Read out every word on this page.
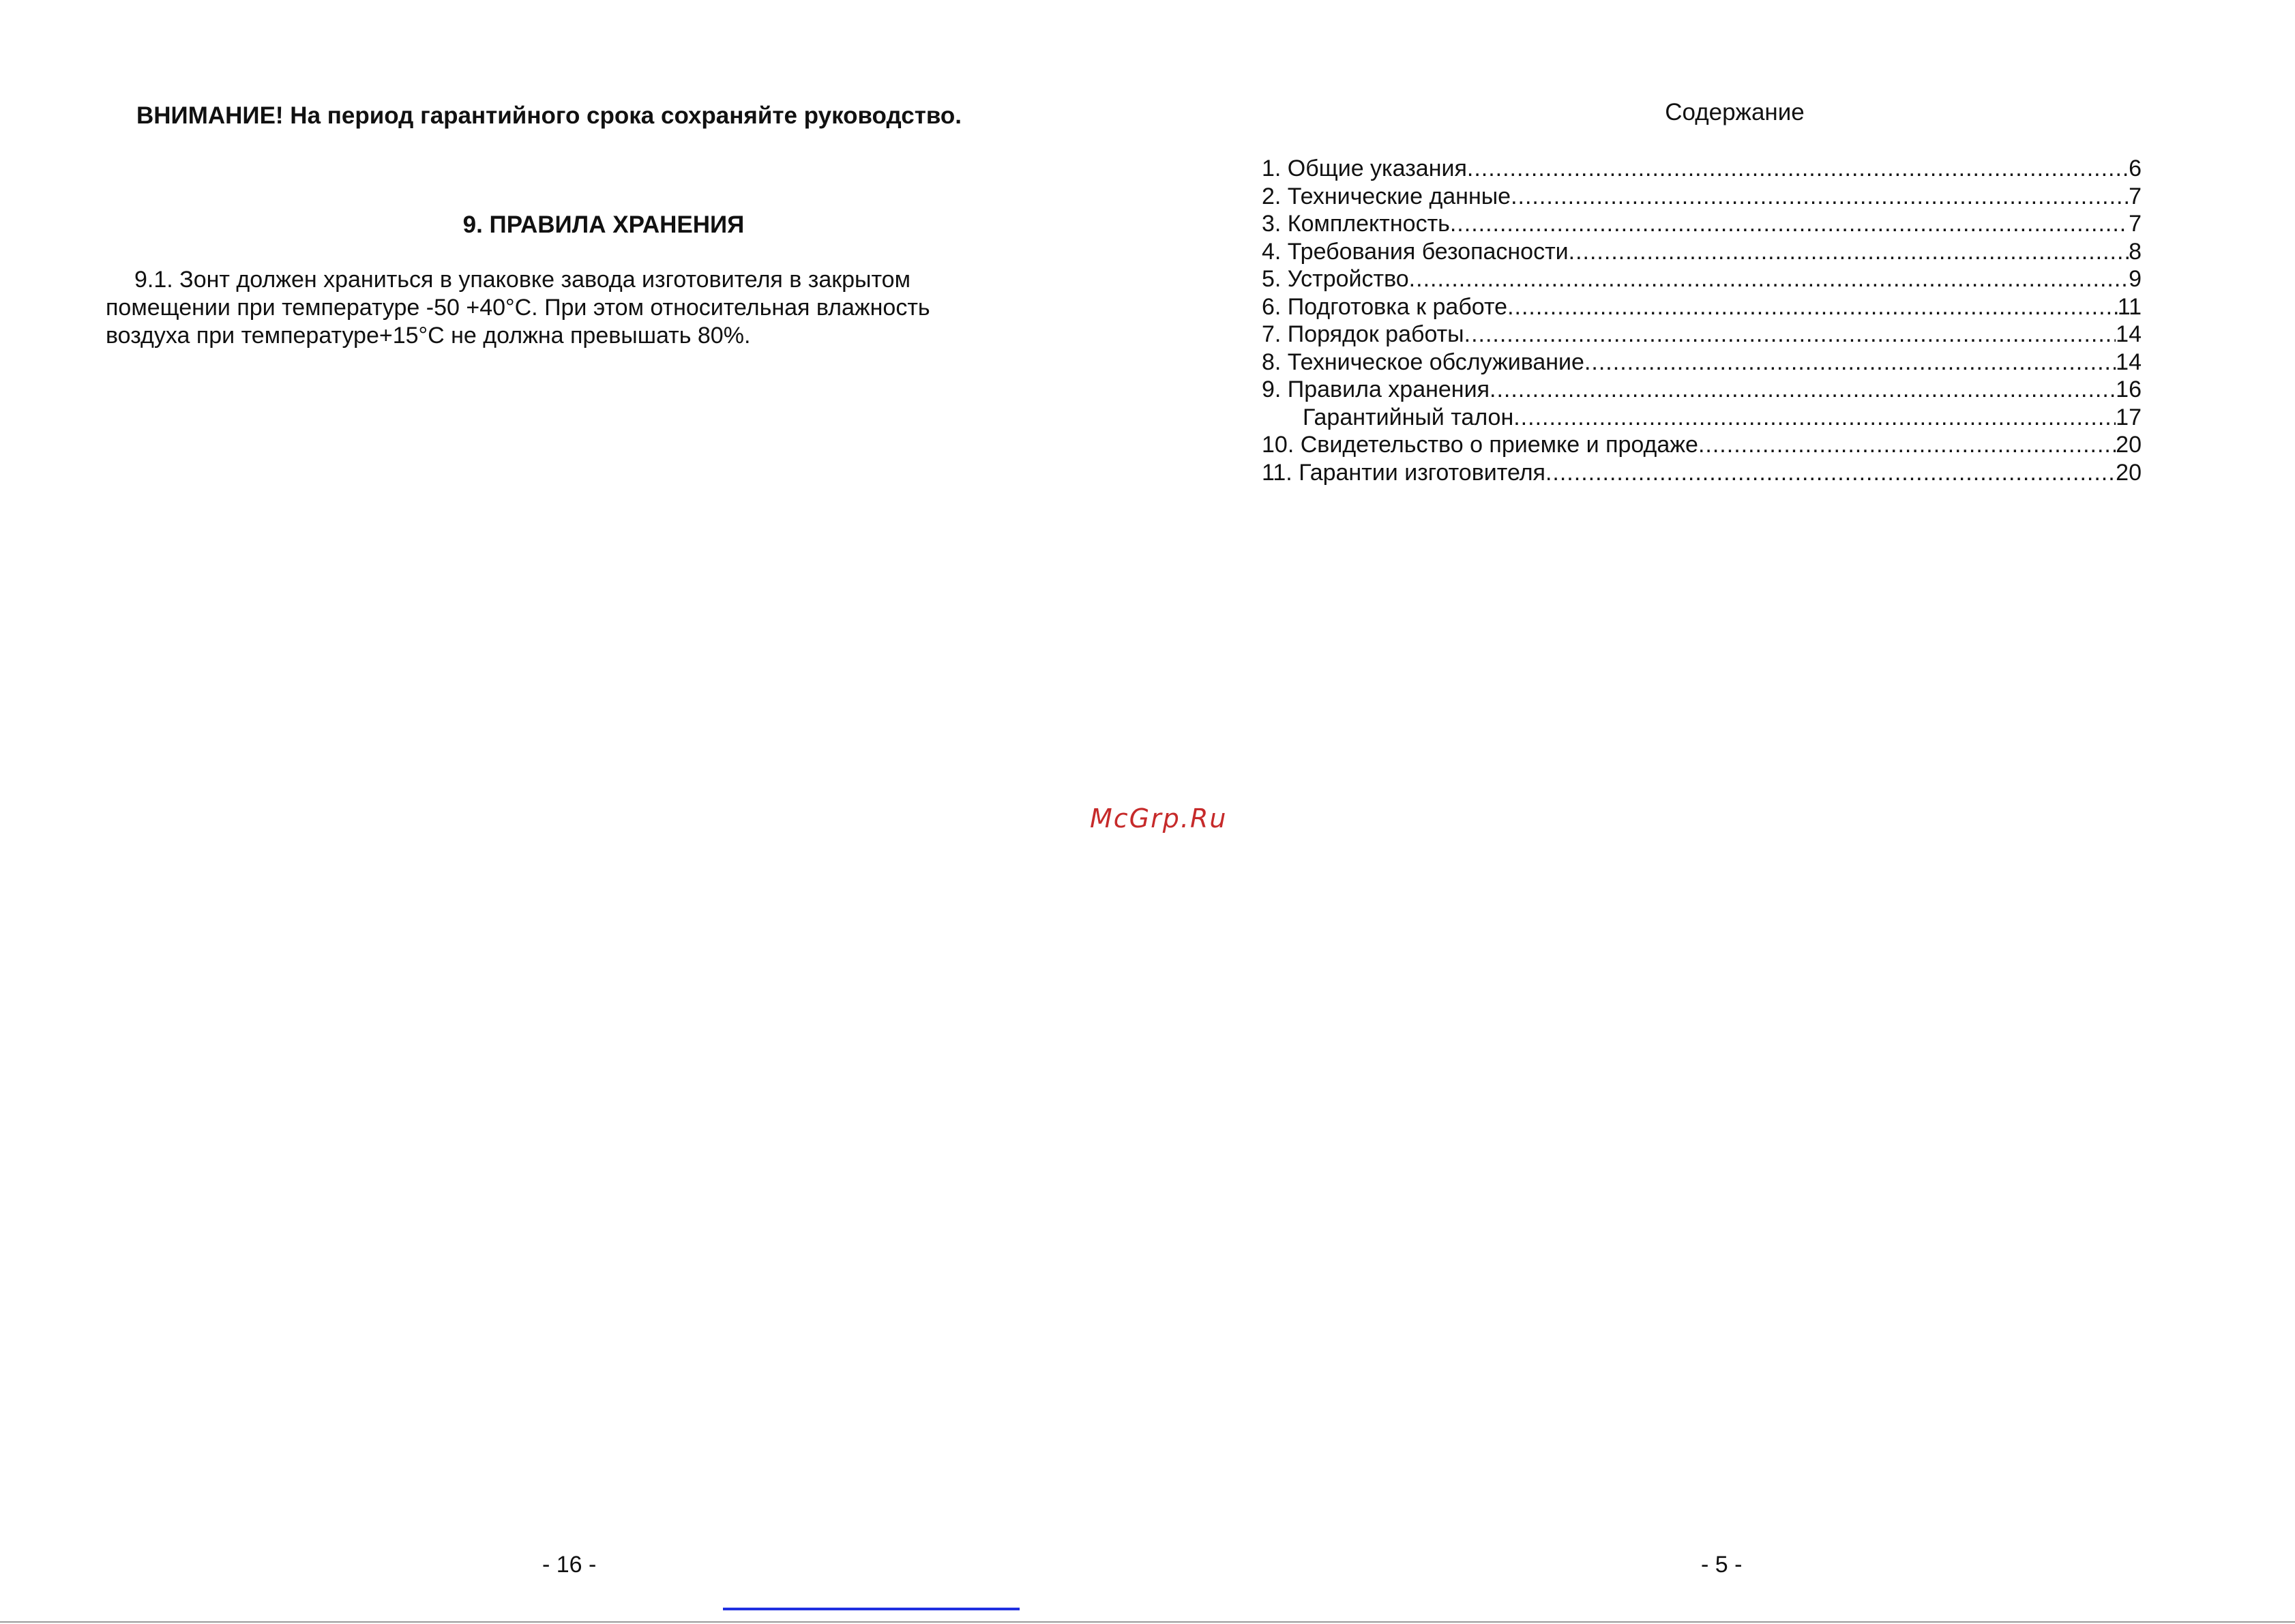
ВНИМАНИЕ! На период гарантийного срока сохраняйте руководство.
9. ПРАВИЛА ХРАНЕНИЯ
9.1. Зонт должен храниться в упаковке завода изготовителя в закрытом
помещении при температуре -50 +40°С. При этом относительная влажность
воздуха при температуре+15°С не должна превышать 80%.
- 16 -
Содержание
1. Общие указания .....	6
2. Технические данные .....	7
3. Комплектность .....	7
4. Требования безопасности .....	8
5. Устройство .....	9
6. Подготовка к работе .....	11
7. Порядок работы .....	14
8. Техническое обслуживание .....	14
9. Правила хранения .....	16
Гарантийный талон .....	17
10. Свидетельство о приемке и продаже .....	20
11. Гарантии изготовителя .....	20
- 5 -
McGrp.Ru
